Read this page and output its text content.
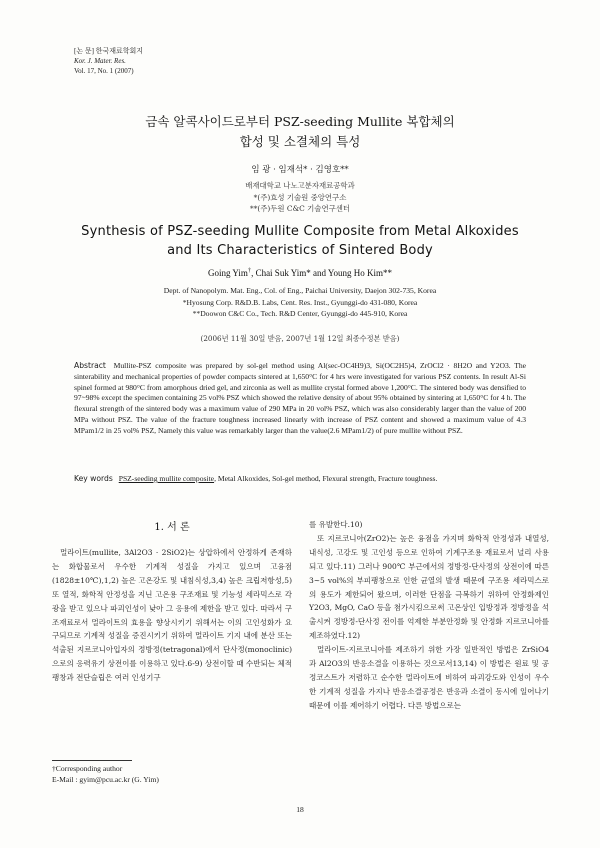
[논 문] 한국재료학회지
Kor. J. Mater. Res.
Vol. 17, No. 1 (2007)
금속 알콕사이드로부터 PSZ-seeding Mullite 복합체의
합성 및 소결체의 특성
임 광 · 임재석* · 김영호**
배재대학교 나노고분자재료공학과
*(주)효성 기술원 중앙연구소
**(주)두원 C&C 기술연구센터
Synthesis of PSZ-seeding Mullite Composite from Metal Alkoxides
and Its Characteristics of Sintered Body
Going Yim†, Chai Suk Yim* and Young Ho Kim**
Dept. of Nanopolym. Mat. Eng., Col. of Eng., Paichai University, Daejon 302-735, Korea
*Hyosung Corp. R&D.B. Labs, Cent. Res. Inst., Gyunggi-do 431-080, Korea
**Doowon C&C Co., Tech. R&D Center, Gyunggi-do 445-910, Korea
(2006년 11월 30일 받음, 2007년 1월 12일 최종수정본 받음)
Abstract Mullite-PSZ composite was prepared by sol-gel method using Al(sec-OC4H9)3, Si(OC2H5)4, ZrOCl2 · 8H2O and Y2O3. The sinterability and mechanical properties of powder compacts sintered at 1,650°C for 4 hrs were investigated for various PSZ contents. In result Al-Si spinel formed at 980°C from amorphous dried gel, and zirconia as well as mullite crystal formed above 1,200°C. The sintered body was densified to 97~98% except the specimen containing 25 vol% PSZ which showed the relative density of about 95% obtained by sintering at 1,650°C for 4 h. The flexural strength of the sintered body was a maximum value of 290 MPa in 20 vol% PSZ, which was also considerably larger than the value of 200 MPa without PSZ. The value of the fracture toughness increased linearly with increase of PSZ content and showed a maximum value of 4.3 MPam1/2 in 25 vol% PSZ, Namely this value was remarkably larger than the value(2.6 MPam1/2) of pure mullite without PSZ.
Key words PSZ-seeding mullite composite, Metal Alkoxides, Sol-gel method, Flexural strength, Fracture toughness.
1. 서 론

멀라이트(mullite, 3Al2O3 · 2SiO2)는 상압하에서 안정하게 존재하는 화합물로서 우수한 기계적 성질을 가지고 있으며 고융점(1828±10℃),1,2) 높은 고온강도 및 내침식성,3,4) 높은 크립저항성,5) 또 열적, 화학적 안정성을 지닌 고온용 구조재료 및 기능성 세라믹스로 각광을 받고 있으나 파괴인성이 낮아 그 응용에 제한을 받고 있다. 따라서 구조재료로서 멀라이트의 효용을 향상시키기 위해서는 이의 고인성화가 요구되므로 기계적 성질을 증진시키기 위하여 멀라이트 기지 내에 분산 또는 석출된 지르코니아입자의 정방정(tetragonal)에서 단사정(monoclinic)으로의 응력유기 상전이를 이용하고 있다.6-9) 상전이할 때 수반되는 체적팽창과 전단슬립은 여러 인성기구

를 유발한다.10)

또 지르코니아(ZrO2)는 높은 융점을 가지며 화학적 안정성과 내열성, 내식성, 고강도 및 고인성 등으로 인하여 기계구조용 재료로서 널리 사용되고 있다.11) 그러나 900℃ 부근에서의 정방정-단사정의 상전이에 따른 3~5 vol%의 부피팽창으로 인한 균열의 발생 때문에 구조용 세라믹스로의 용도가 제한되어 왔으며, 이러한 단점을 극복하기 위하여 안정화제인 Y2O3, MgO, CaO 등을 첨가시킴으로써 고온상인 입방정과 정방정을 석출시켜 정방정-단사정 전이를 억제한 부분안정화 및 안정화 지르코니아를 제조하였다.12)

멀라이트-지르코니아를 제조하기 위한 가장 일반적인 방법은 ZrSiO4과 Al2O3의 반응소결을 이용하는 것으로서13,14) 이 방법은 원료 및 공정코스트가 저렴하고 순수한 멀라이트에 비하여 파괴강도와 인성이 우수한 기계적 성질을 가지나 반응소결공정은 반응과 소결이 동시에 일어나기 때문에 이를 제어하기 어렵다. 다른 방법으로는

†Corresponding author
E-Mail : gyim@pcu.ac.kr (G. Yim)
18
